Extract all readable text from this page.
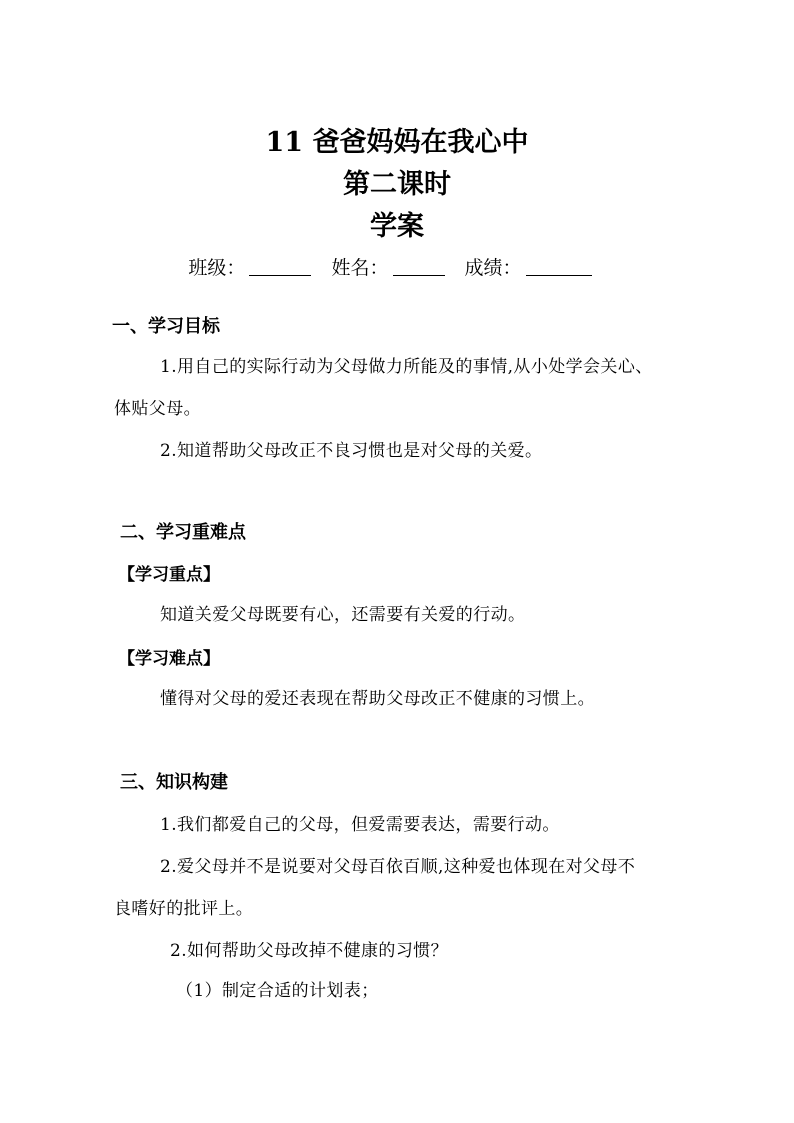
11 爸爸妈妈在我心中
第二课时
学案
班级：	姓名：	成绩：
一、学习目标
1.用自己的实际行动为父母做力所能及的事情,从小处学会关心、
体贴父母。
2.知道帮助父母改正不良习惯也是对父母的关爱。
二、学习重难点
【学习重点】
知道关爱父母既要有心，还需要有关爱的行动。
【学习难点】
懂得对父母的爱还表现在帮助父母改正不健康的习惯上。
三、知识构建
1.我们都爱自己的父母，但爱需要表达，需要行动。
2.爱父母并不是说要对父母百依百顺,这种爱也体现在对父母不
良嗜好的批评上。
2.如何帮助父母改掉不健康的习惯？
（1）制定合适的计划表；
